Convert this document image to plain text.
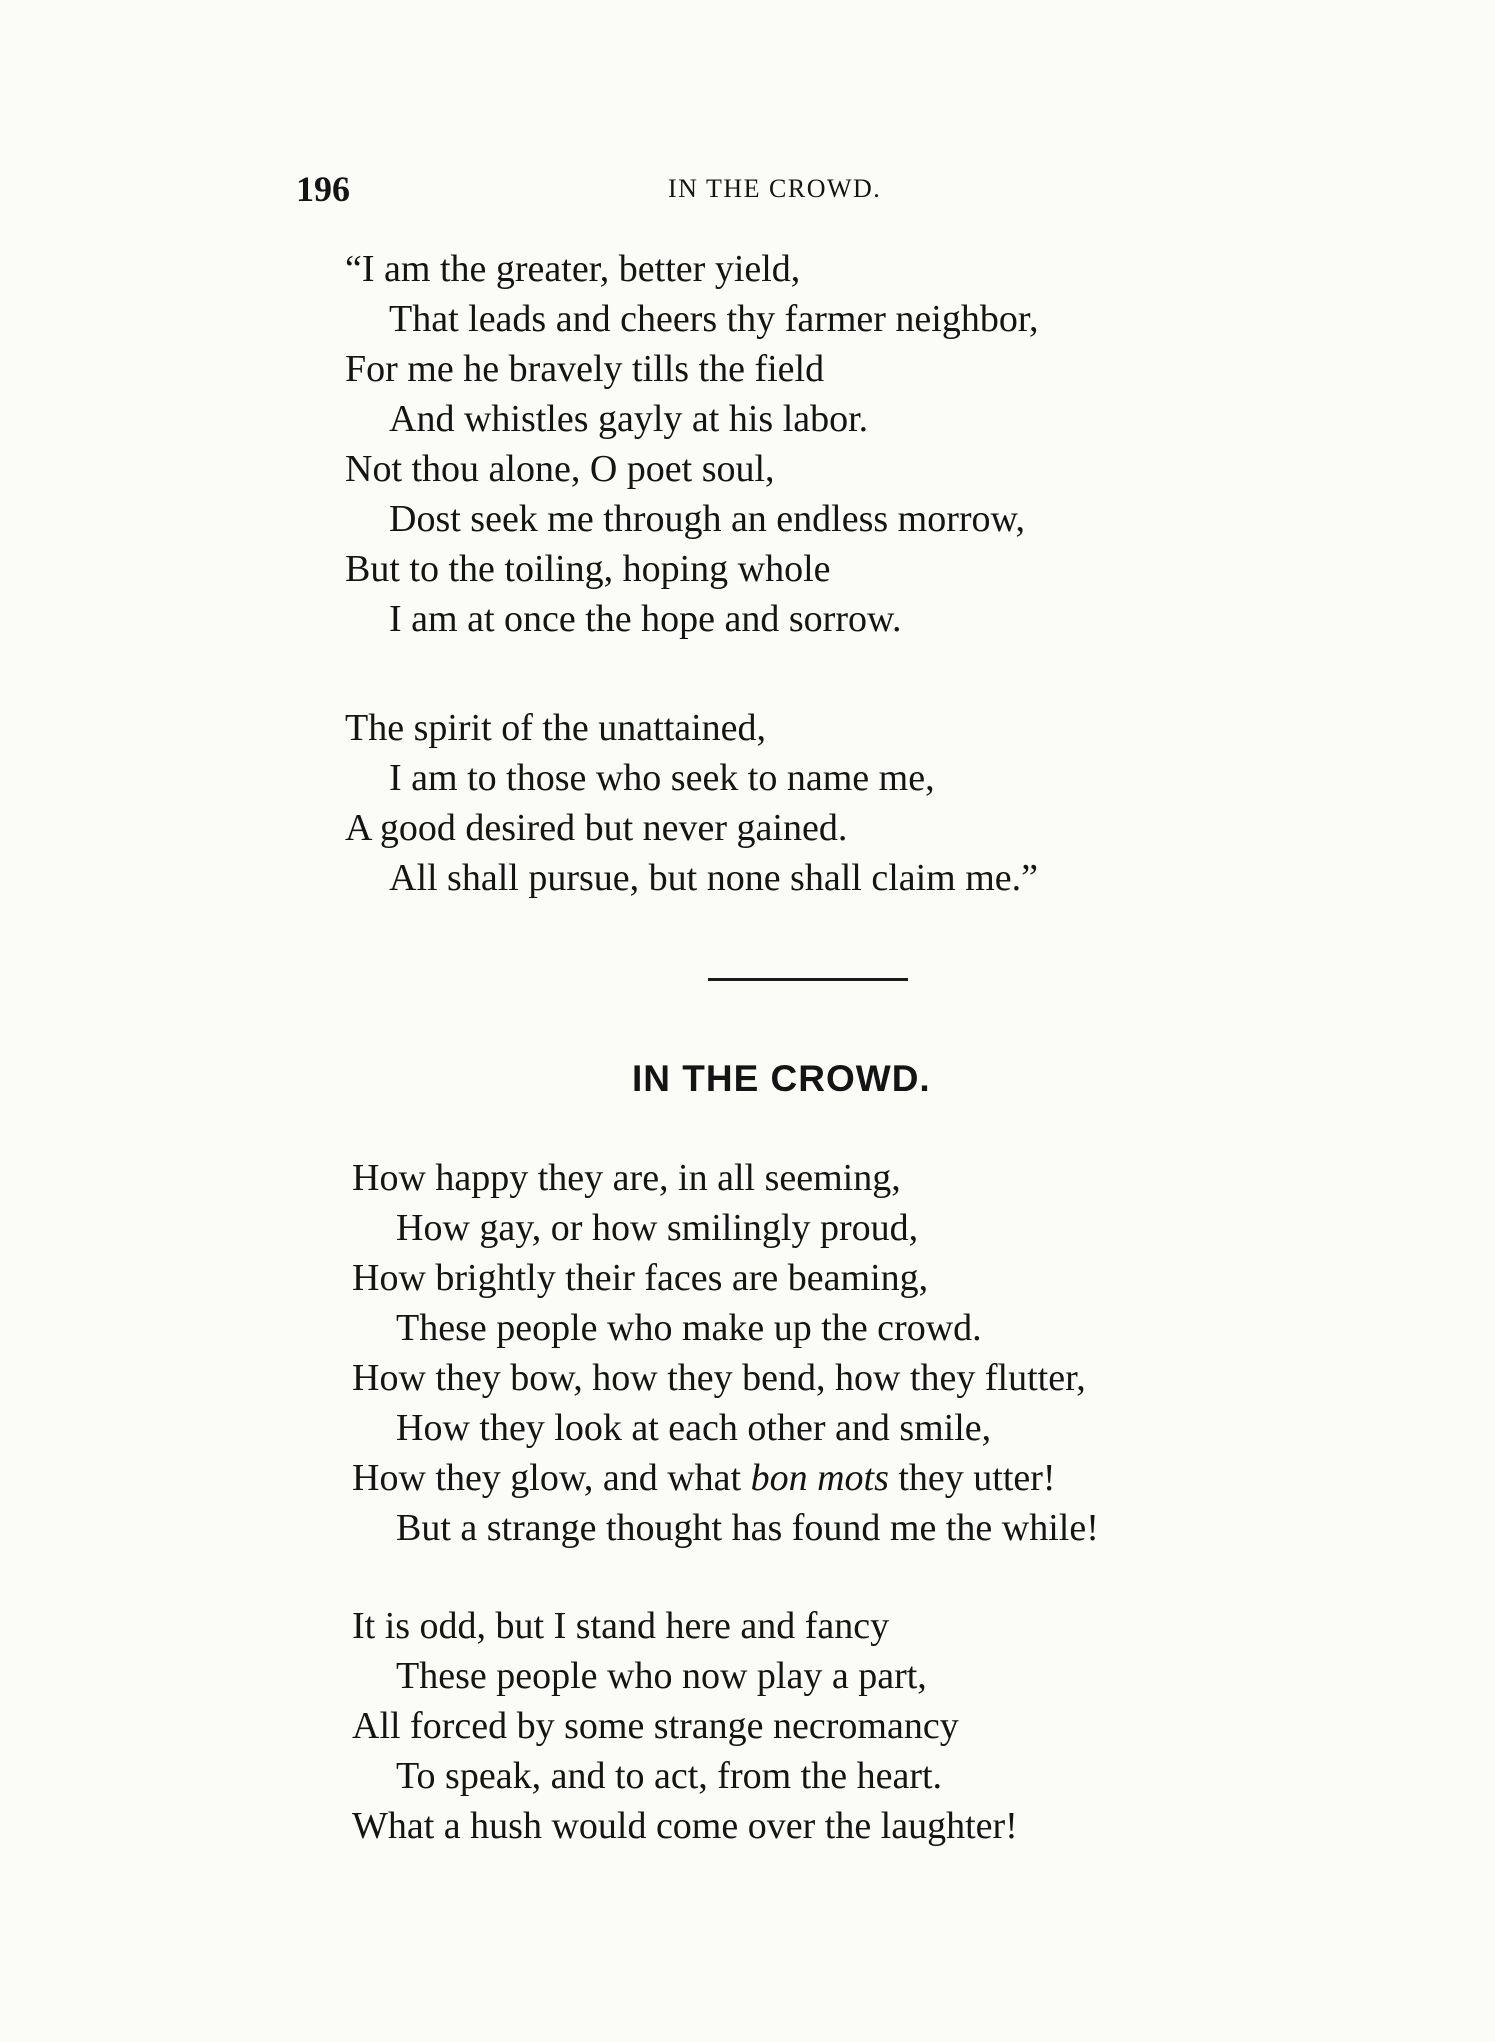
196	IN THE CROWD.
“I am the greater, better yield,
That leads and cheers thy farmer neighbor,
For me he bravely tills the field
And whistles gayly at his labor.
Not thou alone, O poet soul,
Dost seek me through an endless morrow,
But to the toiling, hoping whole
I am at once the hope and sorrow.
The spirit of the unattained,
I am to those who seek to name me,
A good desired but never gained.
All shall pursue, but none shall claim me.”
IN THE CROWD.
How happy they are, in all seeming,
How gay, or how smilingly proud,
How brightly their faces are beaming,
These people who make up the crowd.
How they bow, how they bend, how they flutter,
How they look at each other and smile,
How they glow, and what bon mots they utter!
But a strange thought has found me the while!
It is odd, but I stand here and fancy
These people who now play a part,
All forced by some strange necromancy
To speak, and to act, from the heart.
What a hush would come over the laughter!
